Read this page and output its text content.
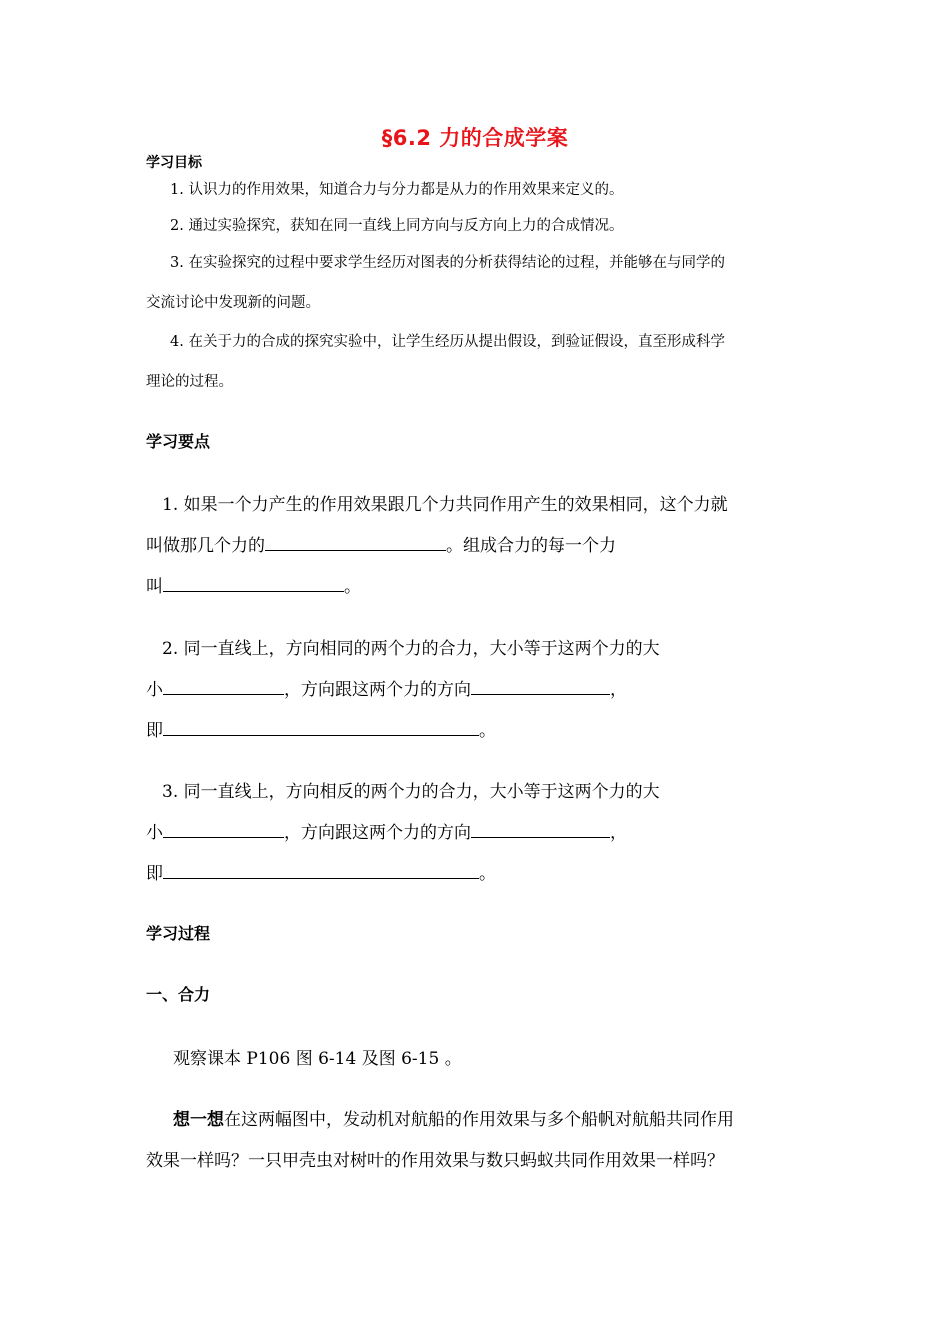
§6.2 力的合成学案
学习目标
1. 认识力的作用效果，知道合力与分力都是从力的作用效果来定义的。
2. 通过实验探究，获知在同一直线上同方向与反方向上力的合成情况。
3. 在实验探究的过程中要求学生经历对图表的分析获得结论的过程，并能够在与同学的
交流讨论中发现新的问题。
4. 在关于力的合成的探究实验中，让学生经历从提出假设，到验证假设，直至形成科学
理论的过程。
学习要点
1. 如果一个力产生的作用效果跟几个力共同作用产生的效果相同，这个力就
叫做那几个力的	。组成合力的每一个力
叫	。
2. 同一直线上，方向相同的两个力的合力，大小等于这两个力的大
小	，方向跟这两个力的方向	，
即	。
3. 同一直线上，方向相反的两个力的合力，大小等于这两个力的大
小	，方向跟这两个力的方向	，
即	。
学习过程
一、合力
观察课本 P106 图 6-14 及图 6-15 。
想一想在这两幅图中，发动机对航船的作用效果与多个船帆对航船共同作用
效果一样吗？一只甲壳虫对树叶的作用效果与数只蚂蚁共同作用效果一样吗？
